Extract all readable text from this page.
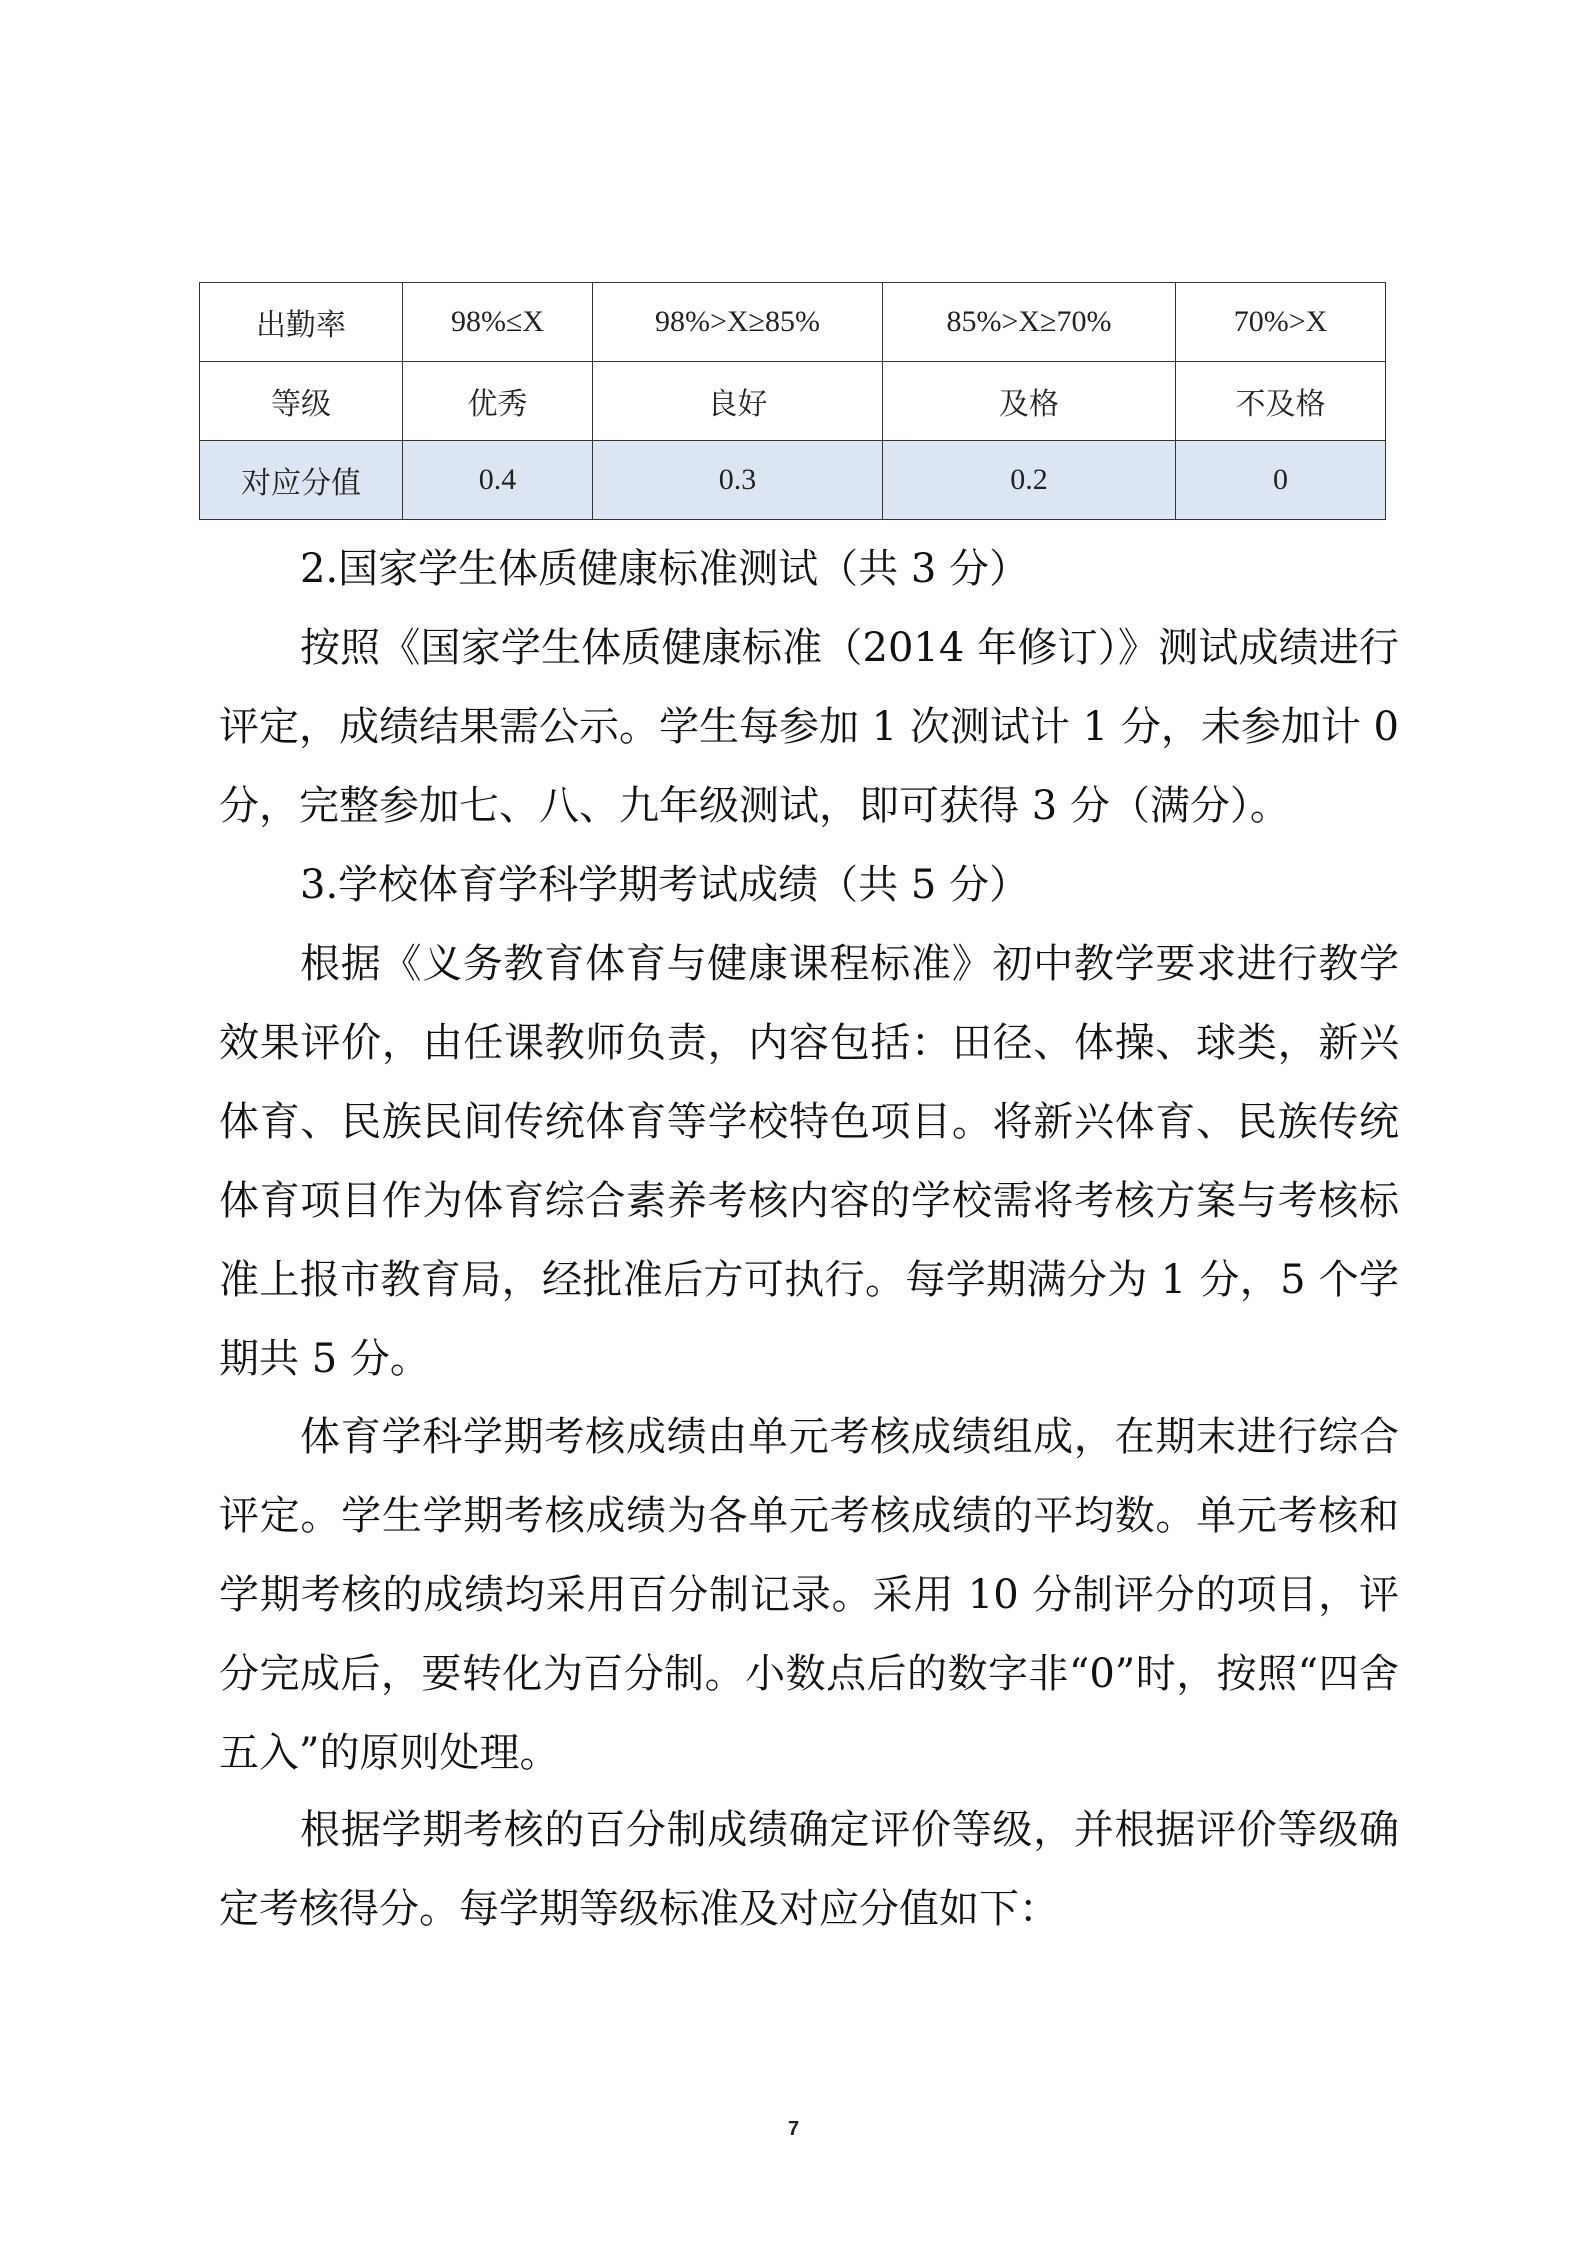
出勤率	98%≤X	98%>X≥85%	85%>X≥70%	70%>X
等级	优秀	良好	及格	不及格
对应分值	0.4	0.3	0.2	0

2.国家学生体质健康标准测试（共 3 分）

按照《国家学生体质健康标准（2014 年修订）》测试成绩进行评定，成绩结果需公示。学生每参加 1 次测试计 1 分，未参加计 0 分，完整参加七、八、九年级测试，即可获得 3 分（满分）。

3.学校体育学科学期考试成绩（共 5 分）

根据《义务教育体育与健康课程标准》初中教学要求进行教学效果评价，由任课教师负责，内容包括：田径、体操、球类，新兴体育、民族民间传统体育等学校特色项目。将新兴体育、民族传统体育项目作为体育综合素养考核内容的学校需将考核方案与考核标准上报市教育局，经批准后方可执行。每学期满分为 1 分，5 个学期共 5 分。

体育学科学期考核成绩由单元考核成绩组成，在期末进行综合评定。学生学期考核成绩为各单元考核成绩的平均数。单元考核和学期考核的成绩均采用百分制记录。采用 10 分制评分的项目，评分完成后，要转化为百分制。小数点后的数字非“0”时，按照“四舍五入”的原则处理。

根据学期考核的百分制成绩确定评价等级，并根据评价等级确定考核得分。每学期等级标准及对应分值如下：

7
